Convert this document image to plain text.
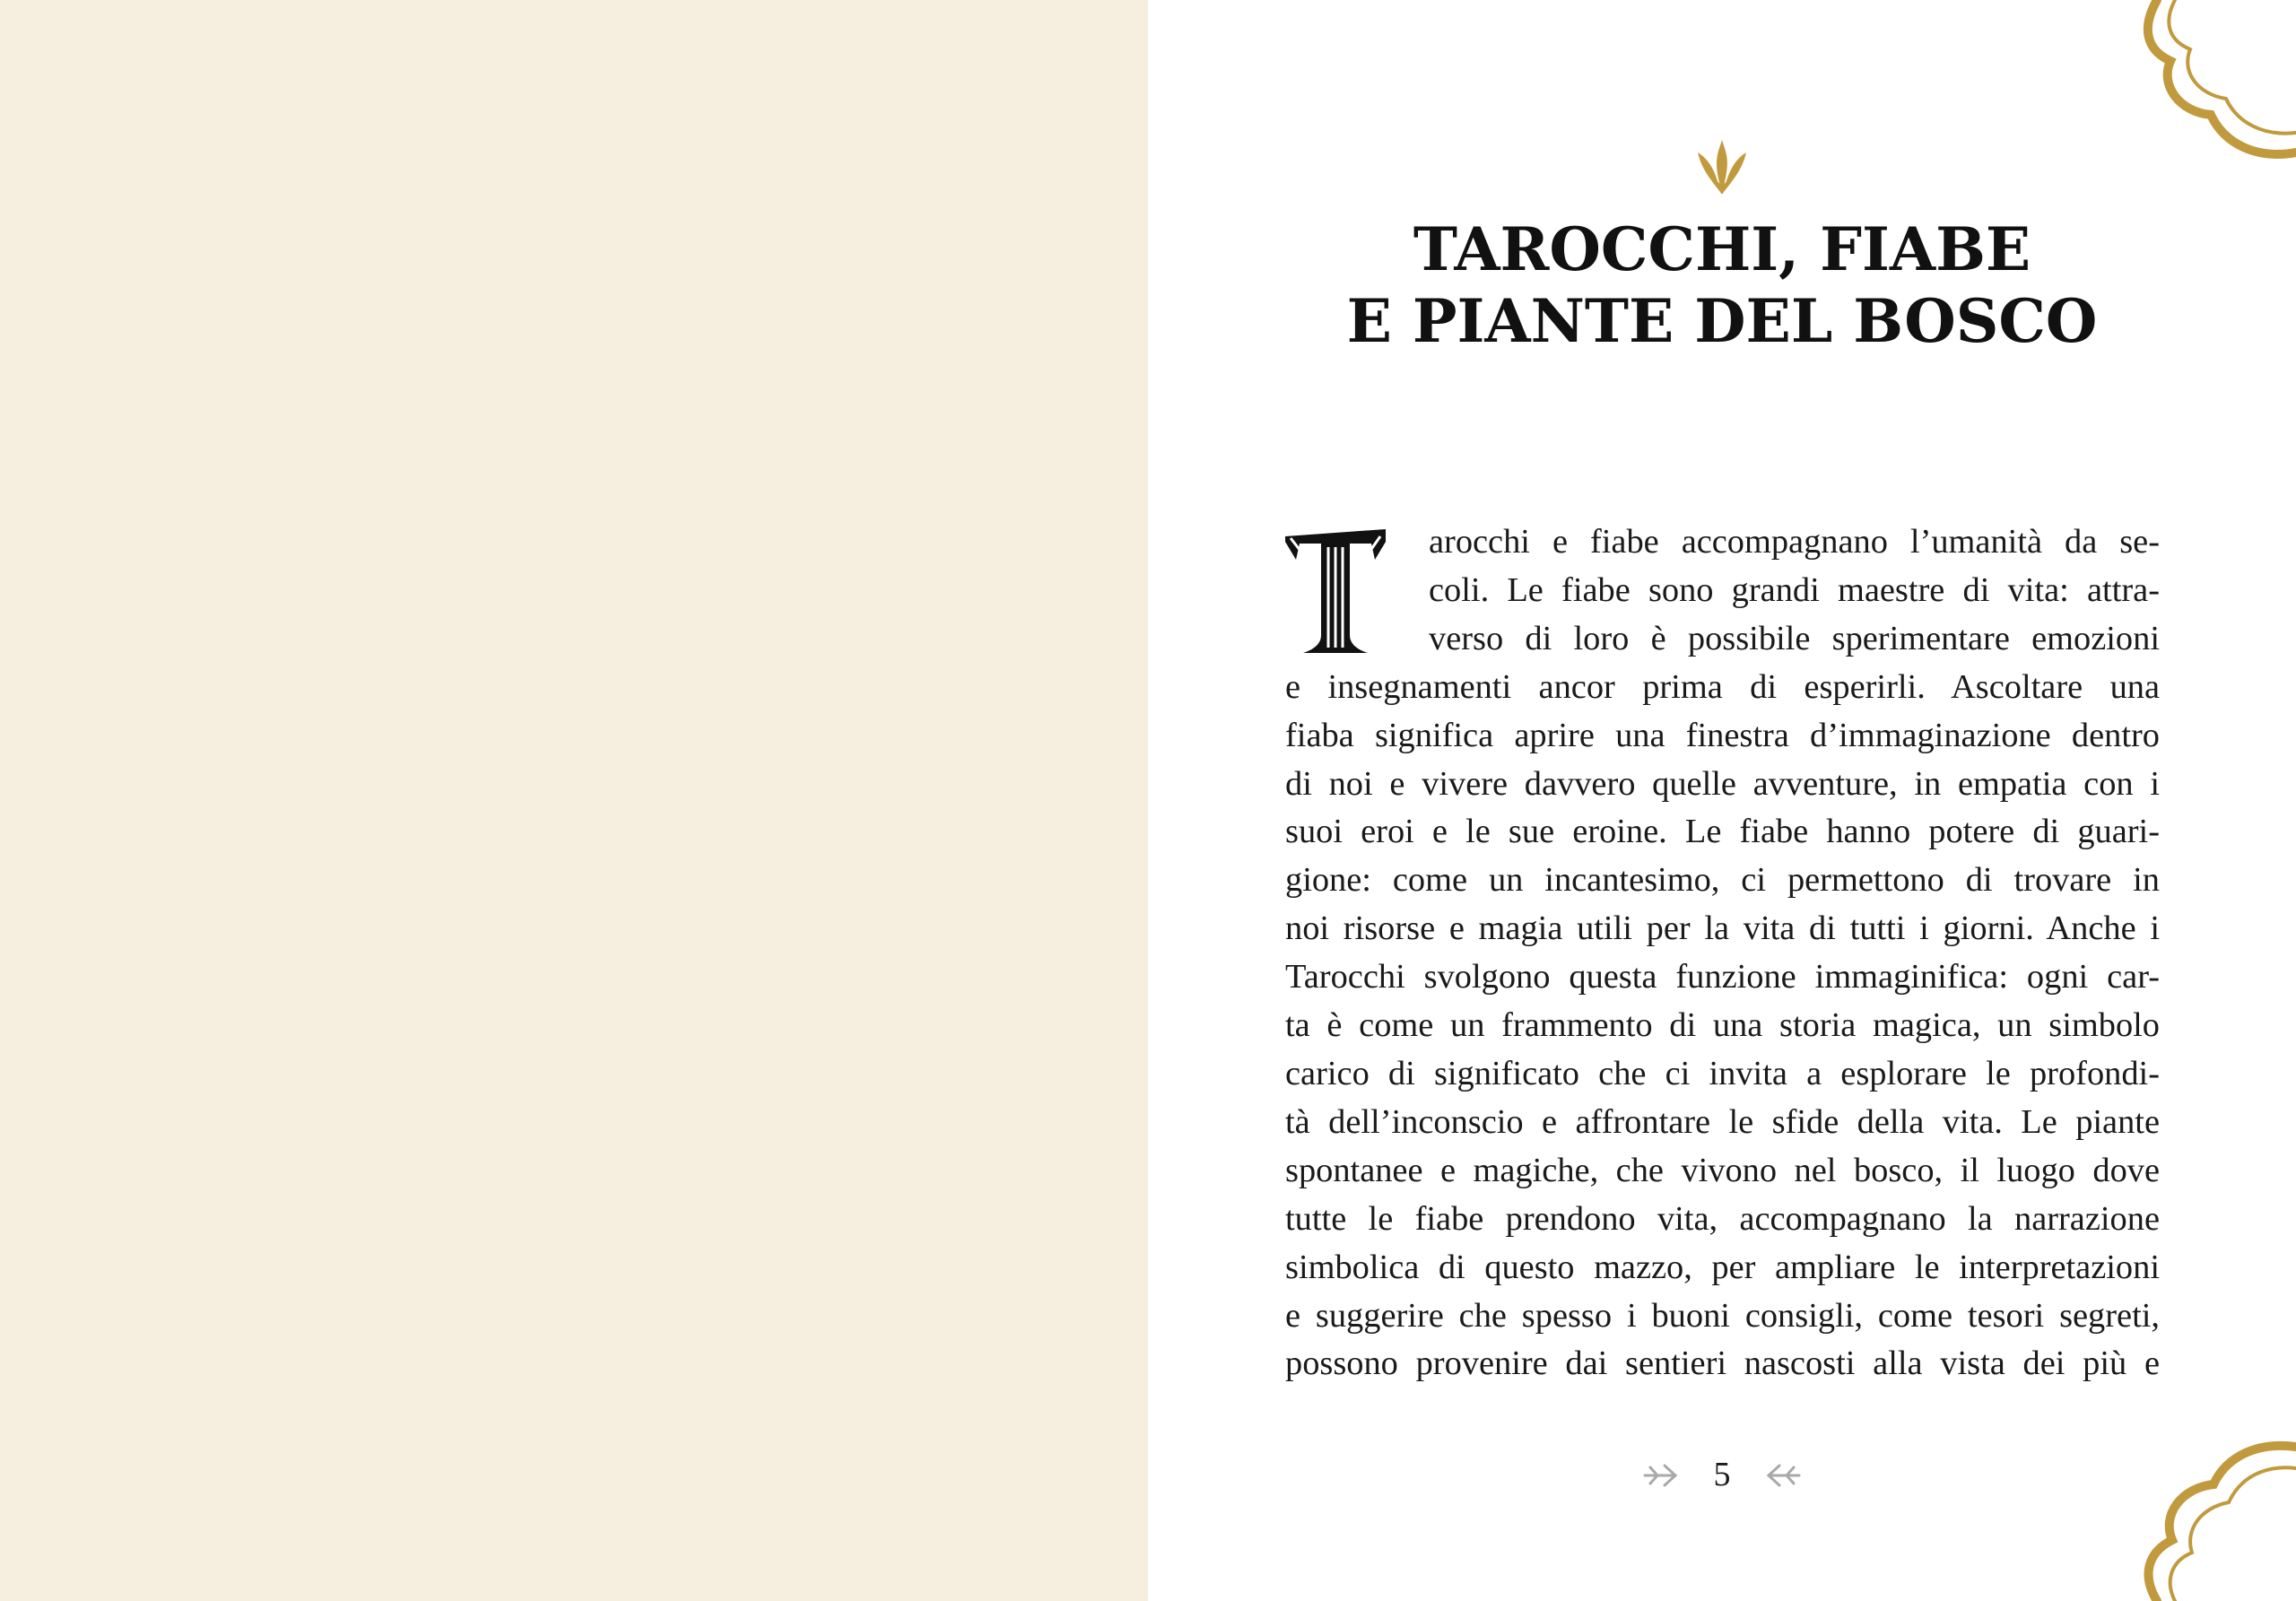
TAROCCHI, FIABE
E PIANTE DEL BOSCO
arocchi e fiabe accompagnano l’umanità da se-
coli. Le fiabe sono grandi maestre di vita: attra-
verso di loro è possibile sperimentare emozioni
e insegnamenti ancor prima di esperirli. Ascoltare una
fiaba significa aprire una finestra d’immaginazione dentro
di noi e vivere davvero quelle avventure, in empatia con i
suoi eroi e le sue eroine. Le fiabe hanno potere di guari-
gione: come un incantesimo, ci permettono di trovare in
noi risorse e magia utili per la vita di tutti i giorni. Anche i
Tarocchi svolgono questa funzione immaginifica: ogni car-
ta è come un frammento di una storia magica, un simbolo
carico di significato che ci invita a esplorare le profondi-
tà dell’inconscio e affrontare le sfide della vita. Le piante
spontanee e magiche, che vivono nel bosco, il luogo dove
tutte le fiabe prendono vita, accompagnano la narrazione
simbolica di questo mazzo, per ampliare le interpretazioni
e suggerire che spesso i buoni consigli, come tesori segreti,
possono provenire dai sentieri nascosti alla vista dei più e
5
